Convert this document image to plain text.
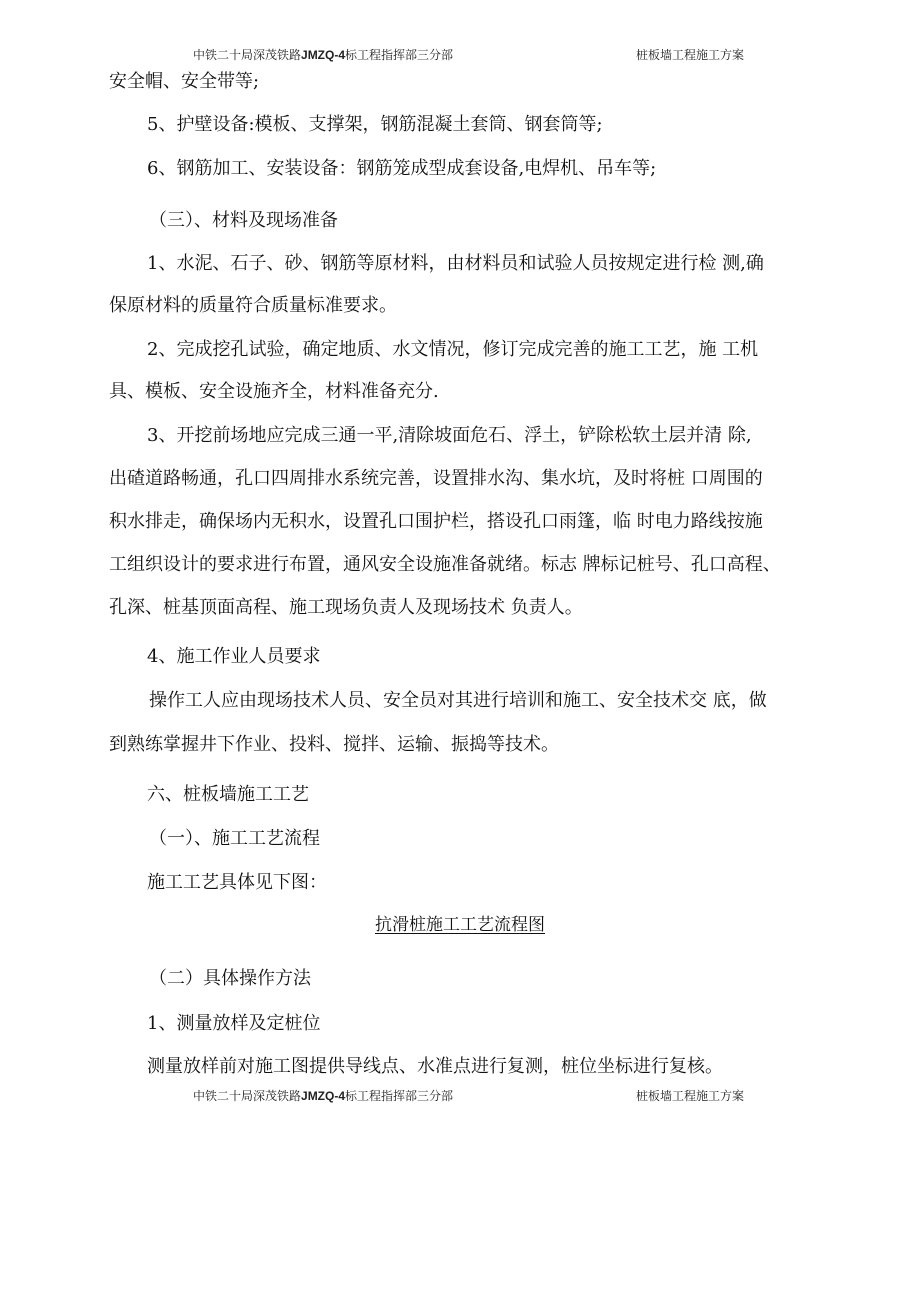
中铁二十局深茂铁路JMZQ-4标工程指挥部三分部	桩板墙工程施工方案
安全帽、安全带等;
5、护壁设备:模板、支撑架，钢筋混凝土套筒、钢套筒等;
6、钢筋加工、安装设备：钢筋笼成型成套设备,电焊机、吊车等;
（三）、材料及现场准备
1、水泥、石子、砂、钢筋等原材料，由材料员和试验人员按规定进行检 测,确
保原材料的质量符合质量标准要求。
2、完成挖孔试验，确定地质、水文情况，修订完成完善的施工工艺，施 工机
具、模板、安全设施齐全，材料准备充分.
3、开挖前场地应完成三通一平,清除坡面危石、浮土，铲除松软土层并清 除,
出碴道路畅通，孔口四周排水系统完善，设置排水沟、集水坑，及时将桩 口周围的
积水排走，确保场内无积水，设置孔口围护栏，搭设孔口雨篷，临 时电力路线按施
工组织设计的要求进行布置，通风安全设施准备就绪。标志 牌标记桩号、孔口高程、
孔深、桩基顶面高程、施工现场负责人及现场技术 负责人。
4、施工作业人员要求
操作工人应由现场技术人员、安全员对其进行培训和施工、安全技术交 底，做
到熟练掌握井下作业、投料、搅拌、运输、振捣等技术。
六、桩板墙施工工艺
（一）、施工工艺流程
施工工艺具体见下图：
抗滑桩施工工艺流程图
（二）具体操作方法
1、测量放样及定桩位
测量放样前对施工图提供导线点、水准点进行复测，桩位坐标进行复核。
中铁二十局深茂铁路JMZQ-4标工程指挥部三分部	桩板墙工程施工方案
